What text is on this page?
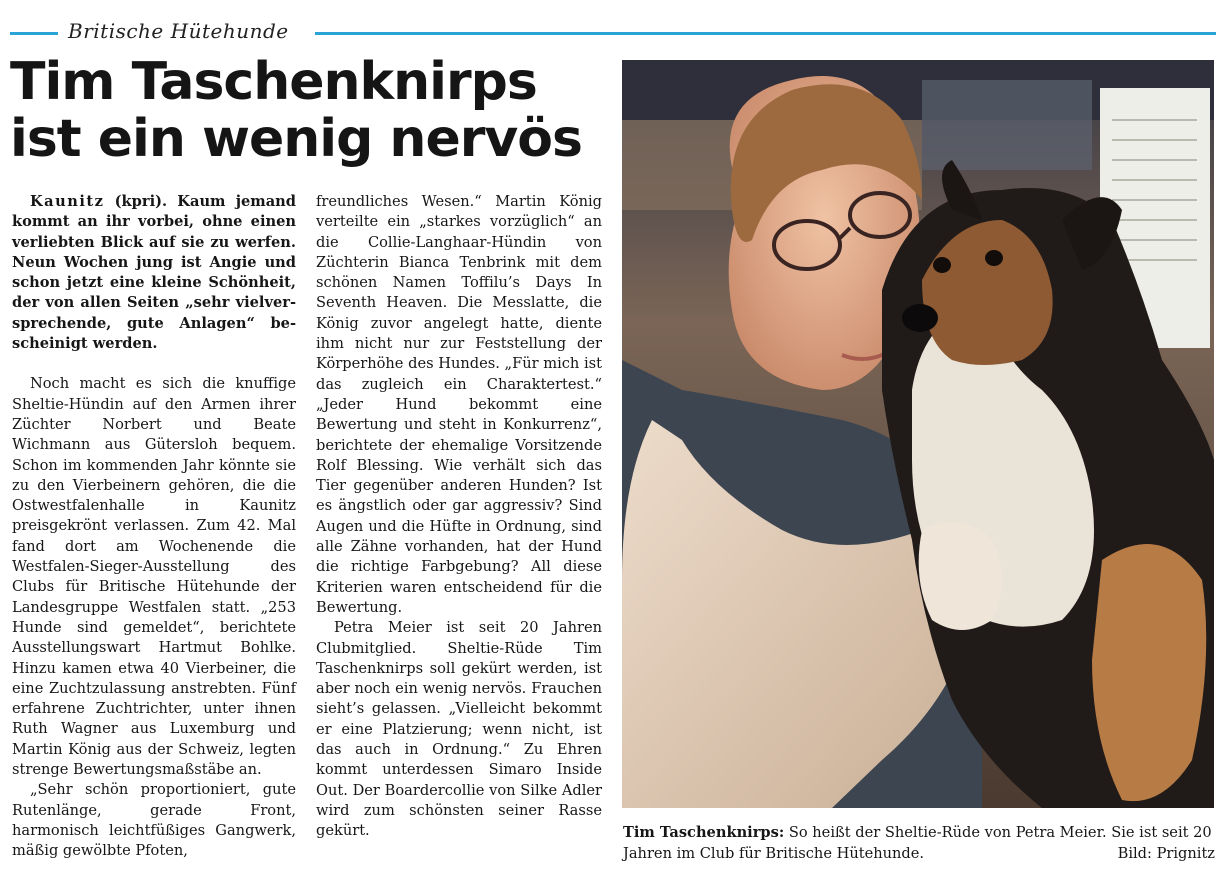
Britische Hütehunde
Tim Taschenknirps
ist ein wenig nervös

Kaunitz (kpri). Kaum jemand kommt an ihr vorbei, ohne einen verliebten Blick auf sie zu werfen. Neun Wochen jung ist Angie und schon jetzt eine kleine Schönheit, der von allen Seiten „sehr vielversprechende, gute Anlagen“ bescheinigt werden.

Noch macht es sich die knuffige Sheltie-Hündin auf den Armen ihrer Züchter Norbert und Beate Wichmann aus Gütersloh bequem. Schon im kommenden Jahr könnte sie zu den Vierbeinern gehören, die die Ostwestfalenhalle in Kaunitz preisgekrönt verlassen. Zum 42. Mal fand dort am Wochenende die Westfalen-Sieger-Ausstellung des Clubs für Britische Hütehunde der Landesgruppe Westfalen statt. „253 Hunde sind gemeldet“, berichtete Ausstellungswart Hartmut Bohlke. Hinzu kamen etwa 40 Vierbeiner, die eine Zuchtzulassung anstrebten. Fünf erfahrene Zuchtrichter, unter ihnen Ruth Wagner aus Luxemburg und Martin König aus der Schweiz, legten strenge Bewertungsmaßstäbe an.

„Sehr schön proportioniert, gute Rutenlänge, gerade Front, harmonisch leichtfüßiges Gangwerk, mäßig gewölbte Pfoten,

freundliches Wesen.“ Martin König verteilte ein „starkes vorzüglich“ an die Collie-Langhaar-Hündin von Züchterin Bianca Tenbrink mit dem schönen Namen Toffilu’s Days In Seventh Heaven. Die Messlatte, die König zuvor angelegt hatte, diente ihm nicht nur zur Feststellung der Körperhöhe des Hundes. „Für mich ist das zugleich ein Charaktertest.“ „Jeder Hund bekommt eine Bewertung und steht in Konkurrenz“, berichtete der ehemalige Vorsitzende Rolf Blessing. Wie verhält sich das Tier gegenüber anderen Hunden? Ist es ängstlich oder gar aggressiv? Sind Augen und die Hüfte in Ordnung, sind alle Zähne vorhanden, hat der Hund die richtige Farbgebung? All diese Kriterien waren entscheidend für die Bewertung.

Petra Meier ist seit 20 Jahren Clubmitglied. Sheltie-Rüde Tim Taschenknirps soll gekürt werden, ist aber noch ein wenig nervös. Frauchen sieht’s gelassen. „Vielleicht bekommt er eine Platzierung; wenn nicht, ist das auch in Ordnung.“ Zu Ehren kommt unterdessen Simaro Inside Out. Der Boardercollie von Silke Adler wird zum schönsten seiner Rasse gekürt.	Tim Taschenknirps: So heißt der Sheltie-Rüde von Petra Meier. Sie ist seit 20 Jahren im Club für Britische Hütehunde.	Bild: Prignitz
